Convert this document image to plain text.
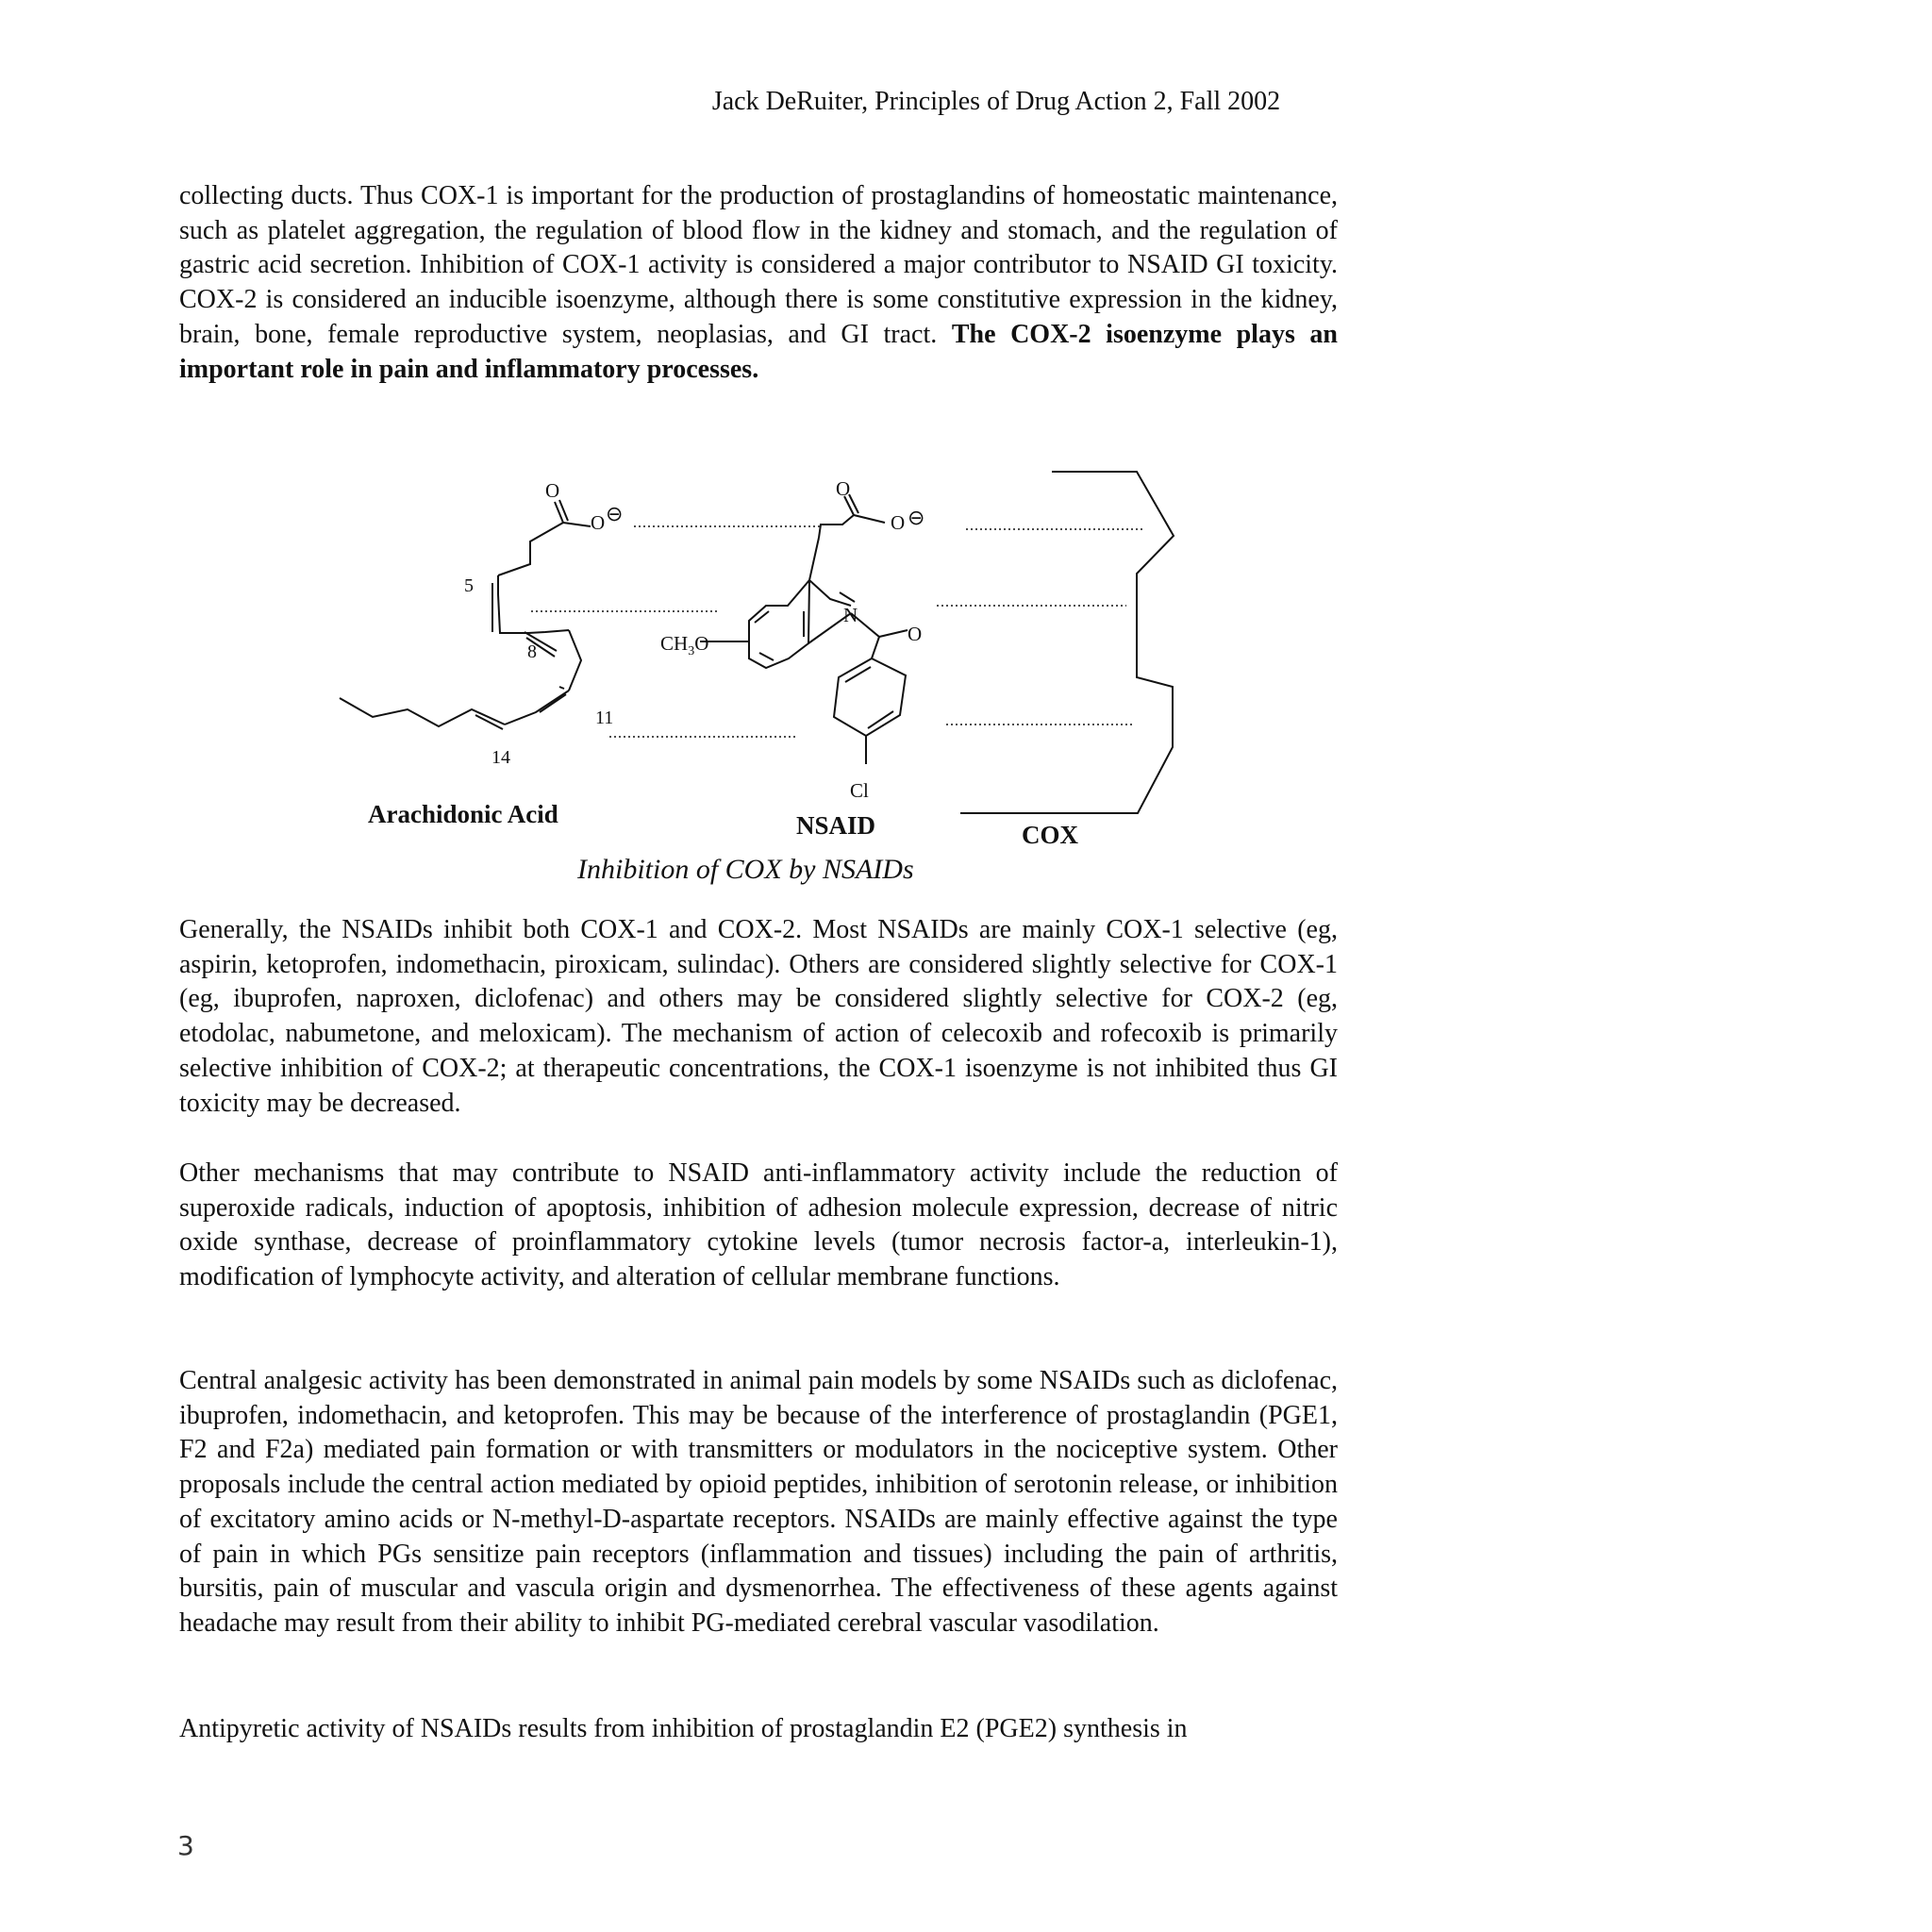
Jack DeRuiter, Principles of Drug Action 2, Fall 2002

collecting ducts. Thus COX-1 is important for the production of prostaglandins of homeostatic maintenance, such as platelet aggregation, the regulation of blood flow in the kidney and stomach, and the regulation of gastric acid secretion. Inhibition of COX-1 activity is considered a major contributor to NSAID GI toxicity. COX-2 is considered an inducible isoenzyme, although there is some constitutive expression in the kidney, brain, bone, female reproductive system, neoplasias, and GI tract. The COX-2 isoenzyme plays an important role in pain and inflammatory processes.

O
O ⊖
O
O ⊖
N
O
$CH_3O$
Cl
5
8
11
14
Arachidonic Acid	NSAID	COX
Inhibition of COX by NSAIDs

Generally, the NSAIDs inhibit both COX-1 and COX-2. Most NSAIDs are mainly COX-1 selective (eg, aspirin, ketoprofen, indomethacin, piroxicam, sulindac). Others are considered slightly selective for COX-1 (eg, ibuprofen, naproxen, diclofenac) and others may be considered slightly selective for COX-2 (eg, etodolac, nabumetone, and meloxicam). The mechanism of action of celecoxib and rofecoxib is primarily selective inhibition of COX-2; at therapeutic concentrations, the COX-1 isoenzyme is not inhibited thus GI toxicity may be decreased.

Other mechanisms that may contribute to NSAID anti-inflammatory activity include the reduction of superoxide radicals, induction of apoptosis, inhibition of adhesion molecule expression, decrease of nitric oxide synthase, decrease of proinflammatory cytokine levels (tumor necrosis factor-a, interleukin-1), modification of lymphocyte activity, and alteration of cellular membrane functions.

Central analgesic activity has been demonstrated in animal pain models by some NSAIDs such as diclofenac, ibuprofen, indomethacin, and ketoprofen. This may be because of the interference of prostaglandin (PGE1, F2 and F2a) mediated pain formation or with transmitters or modulators in the nociceptive system. Other proposals include the central action mediated by opioid peptides, inhibition of serotonin release, or inhibition of excitatory amino acids or N-methyl-D-aspartate receptors. NSAIDs are mainly effective against the type of pain in which PGs sensitize pain receptors (inflammation and tissues) including the pain of arthritis, bursitis, pain of muscular and vascula origin and dysmenorrhea. The effectiveness of these agents against headache may result from their ability to inhibit PG-mediated cerebral vascular vasodilation.

Antipyretic activity of NSAIDs results from inhibition of prostaglandin E2 (PGE2) synthesis in

3
